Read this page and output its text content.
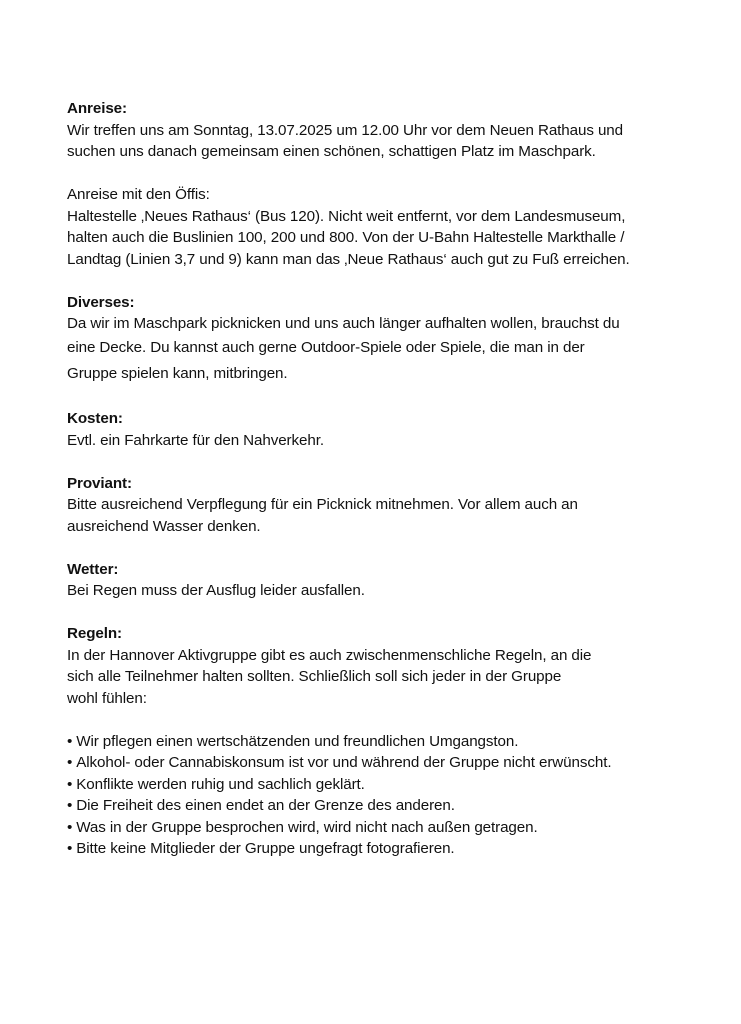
Anreise:
Wir treffen uns am Sonntag, 13.07.2025 um 12.00 Uhr vor dem Neuen Rathaus und
suchen uns danach gemeinsam einen schönen, schattigen Platz im Maschpark.
Anreise mit den Öffis:
Haltestelle ‚Neues Rathaus‘ (Bus 120). Nicht weit entfernt, vor dem Landesmuseum,
halten auch die Buslinien 100, 200 und 800. Von der U-Bahn Haltestelle Markthalle /
Landtag (Linien 3,7 und 9) kann man das ‚Neue Rathaus‘ auch gut zu Fuß erreichen.
Diverses:
Da wir im Maschpark picknicken und uns auch länger aufhalten wollen, brauchst du
eine Decke. Du kannst auch gerne Outdoor-Spiele oder Spiele, die man in der
Gruppe spielen kann, mitbringen.
Kosten:
Evtl. ein Fahrkarte für den Nahverkehr.
Proviant:
Bitte ausreichend Verpflegung für ein Picknick mitnehmen. Vor allem auch an
ausreichend Wasser denken.
Wetter:
Bei Regen muss der Ausflug leider ausfallen.
Regeln:
In der Hannover Aktivgruppe gibt es auch zwischenmenschliche Regeln, an die
sich alle Teilnehmer halten sollten. Schließlich soll sich jeder in der Gruppe
wohl fühlen:
• Wir pflegen einen wertschätzenden und freundlichen Umgangston.
• Alkohol- oder Cannabiskonsum ist vor und während der Gruppe nicht erwünscht.
• Konflikte werden ruhig und sachlich geklärt.
• Die Freiheit des einen endet an der Grenze des anderen.
• Was in der Gruppe besprochen wird, wird nicht nach außen getragen.
• Bitte keine Mitglieder der Gruppe ungefragt fotografieren.
